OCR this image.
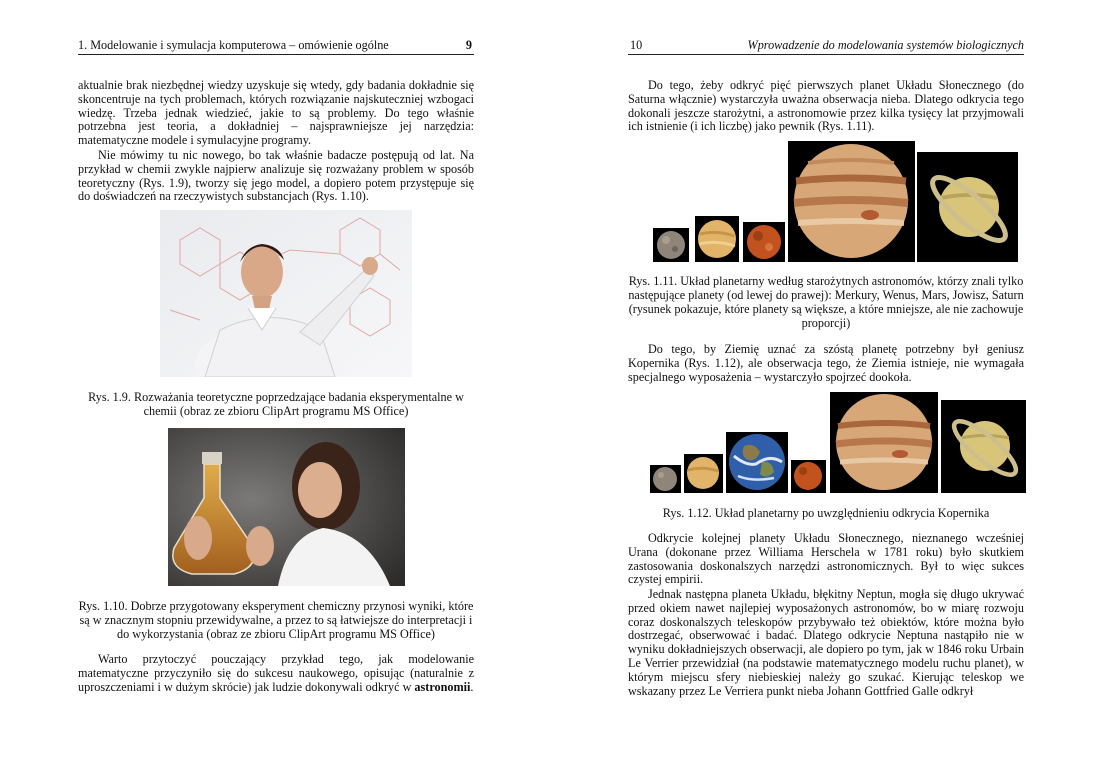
1. Modelowanie i symulacja komputerowa – omówienie ogólne	9

aktualnie brak niezbędnej wiedzy uzyskuje się wtedy, gdy badania dokładnie się skoncentruje na tych problemach, których rozwiązanie najskuteczniej wzbogaci wiedzę. Trzeba jednak wiedzieć, jakie to są problemy. Do tego właśnie potrzebna jest teoria, a dokładniej – najsprawniejsze jej narzędzia: matematyczne modele i symulacyjne programy.

Nie mówimy tu nic nowego, bo tak właśnie badacze postępują od lat. Na przykład w chemii zwykle najpierw analizuje się rozważany problem w sposób teoretyczny (Rys. 1.9), tworzy się jego model, a dopiero potem przystępuje się do doświadczeń na rzeczywistych substancjach (Rys. 1.10).

Rys. 1.9. Rozważania teoretyczne poprzedzające badania eksperymentalne w chemii (obraz ze zbioru ClipArt programu MS Office)

Rys. 1.10. Dobrze przygotowany eksperyment chemiczny przynosi wyniki, które są w znacznym stopniu przewidywalne, a przez to są łatwiejsze do interpretacji i do wykorzystania (obraz ze zbioru ClipArt programu MS Office)

Warto przytoczyć pouczający przykład tego, jak modelowanie matematyczne przyczyniło się do sukcesu naukowego, opisując (naturalnie z uproszczeniami i w dużym skrócie) jak ludzie dokonywali odkryć w astronomii.

10	Wprowadzenie do modelowania systemów biologicznych

Do tego, żeby odkryć pięć pierwszych planet Układu Słonecznego (do Saturna włącznie) wystarczyła uważna obserwacja nieba. Dlatego odkrycia tego dokonali jeszcze starożytni, a astronomowie przez kilka tysięcy lat przyjmowali ich istnienie (i ich liczbę) jako pewnik (Rys. 1.11).

Rys. 1.11. Układ planetarny według starożytnych astronomów, którzy znali tylko następujące planety (od lewej do prawej): Merkury, Wenus, Mars, Jowisz, Saturn (rysunek pokazuje, które planety są większe, a które mniejsze, ale nie zachowuje proporcji)

Do tego, by Ziemię uznać za szóstą planetę potrzebny był geniusz Kopernika (Rys. 1.12), ale obserwacja tego, że Ziemia istnieje, nie wymagała specjalnego wyposażenia – wystarczyło spojrzeć dookoła.

Rys. 1.12. Układ planetarny po uwzględnieniu odkrycia Kopernika

Odkrycie kolejnej planety Układu Słonecznego, nieznanego wcześniej Urana (dokonane przez Williama Herschela w 1781 roku) było skutkiem zastosowania doskonalszych narzędzi astronomicznych. Był to więc sukces czystej empirii.

Jednak następna planeta Układu, błękitny Neptun, mogła się długo ukrywać przed okiem nawet najlepiej wyposażonych astronomów, bo w miarę rozwoju coraz doskonalszych teleskopów przybywało też obiektów, które można było dostrzegać, obserwować i badać. Dlatego odkrycie Neptuna nastąpiło nie w wyniku dokładniejszych obserwacji, ale dopiero po tym, jak w 1846 roku Urbain Le Verrier przewidział (na podstawie matematycznego modelu ruchu planet), w którym miejscu sfery niebieskiej należy go szukać. Kierując teleskop we wskazany przez Le Verriera punkt nieba Johann Gottfried Galle odkrył
